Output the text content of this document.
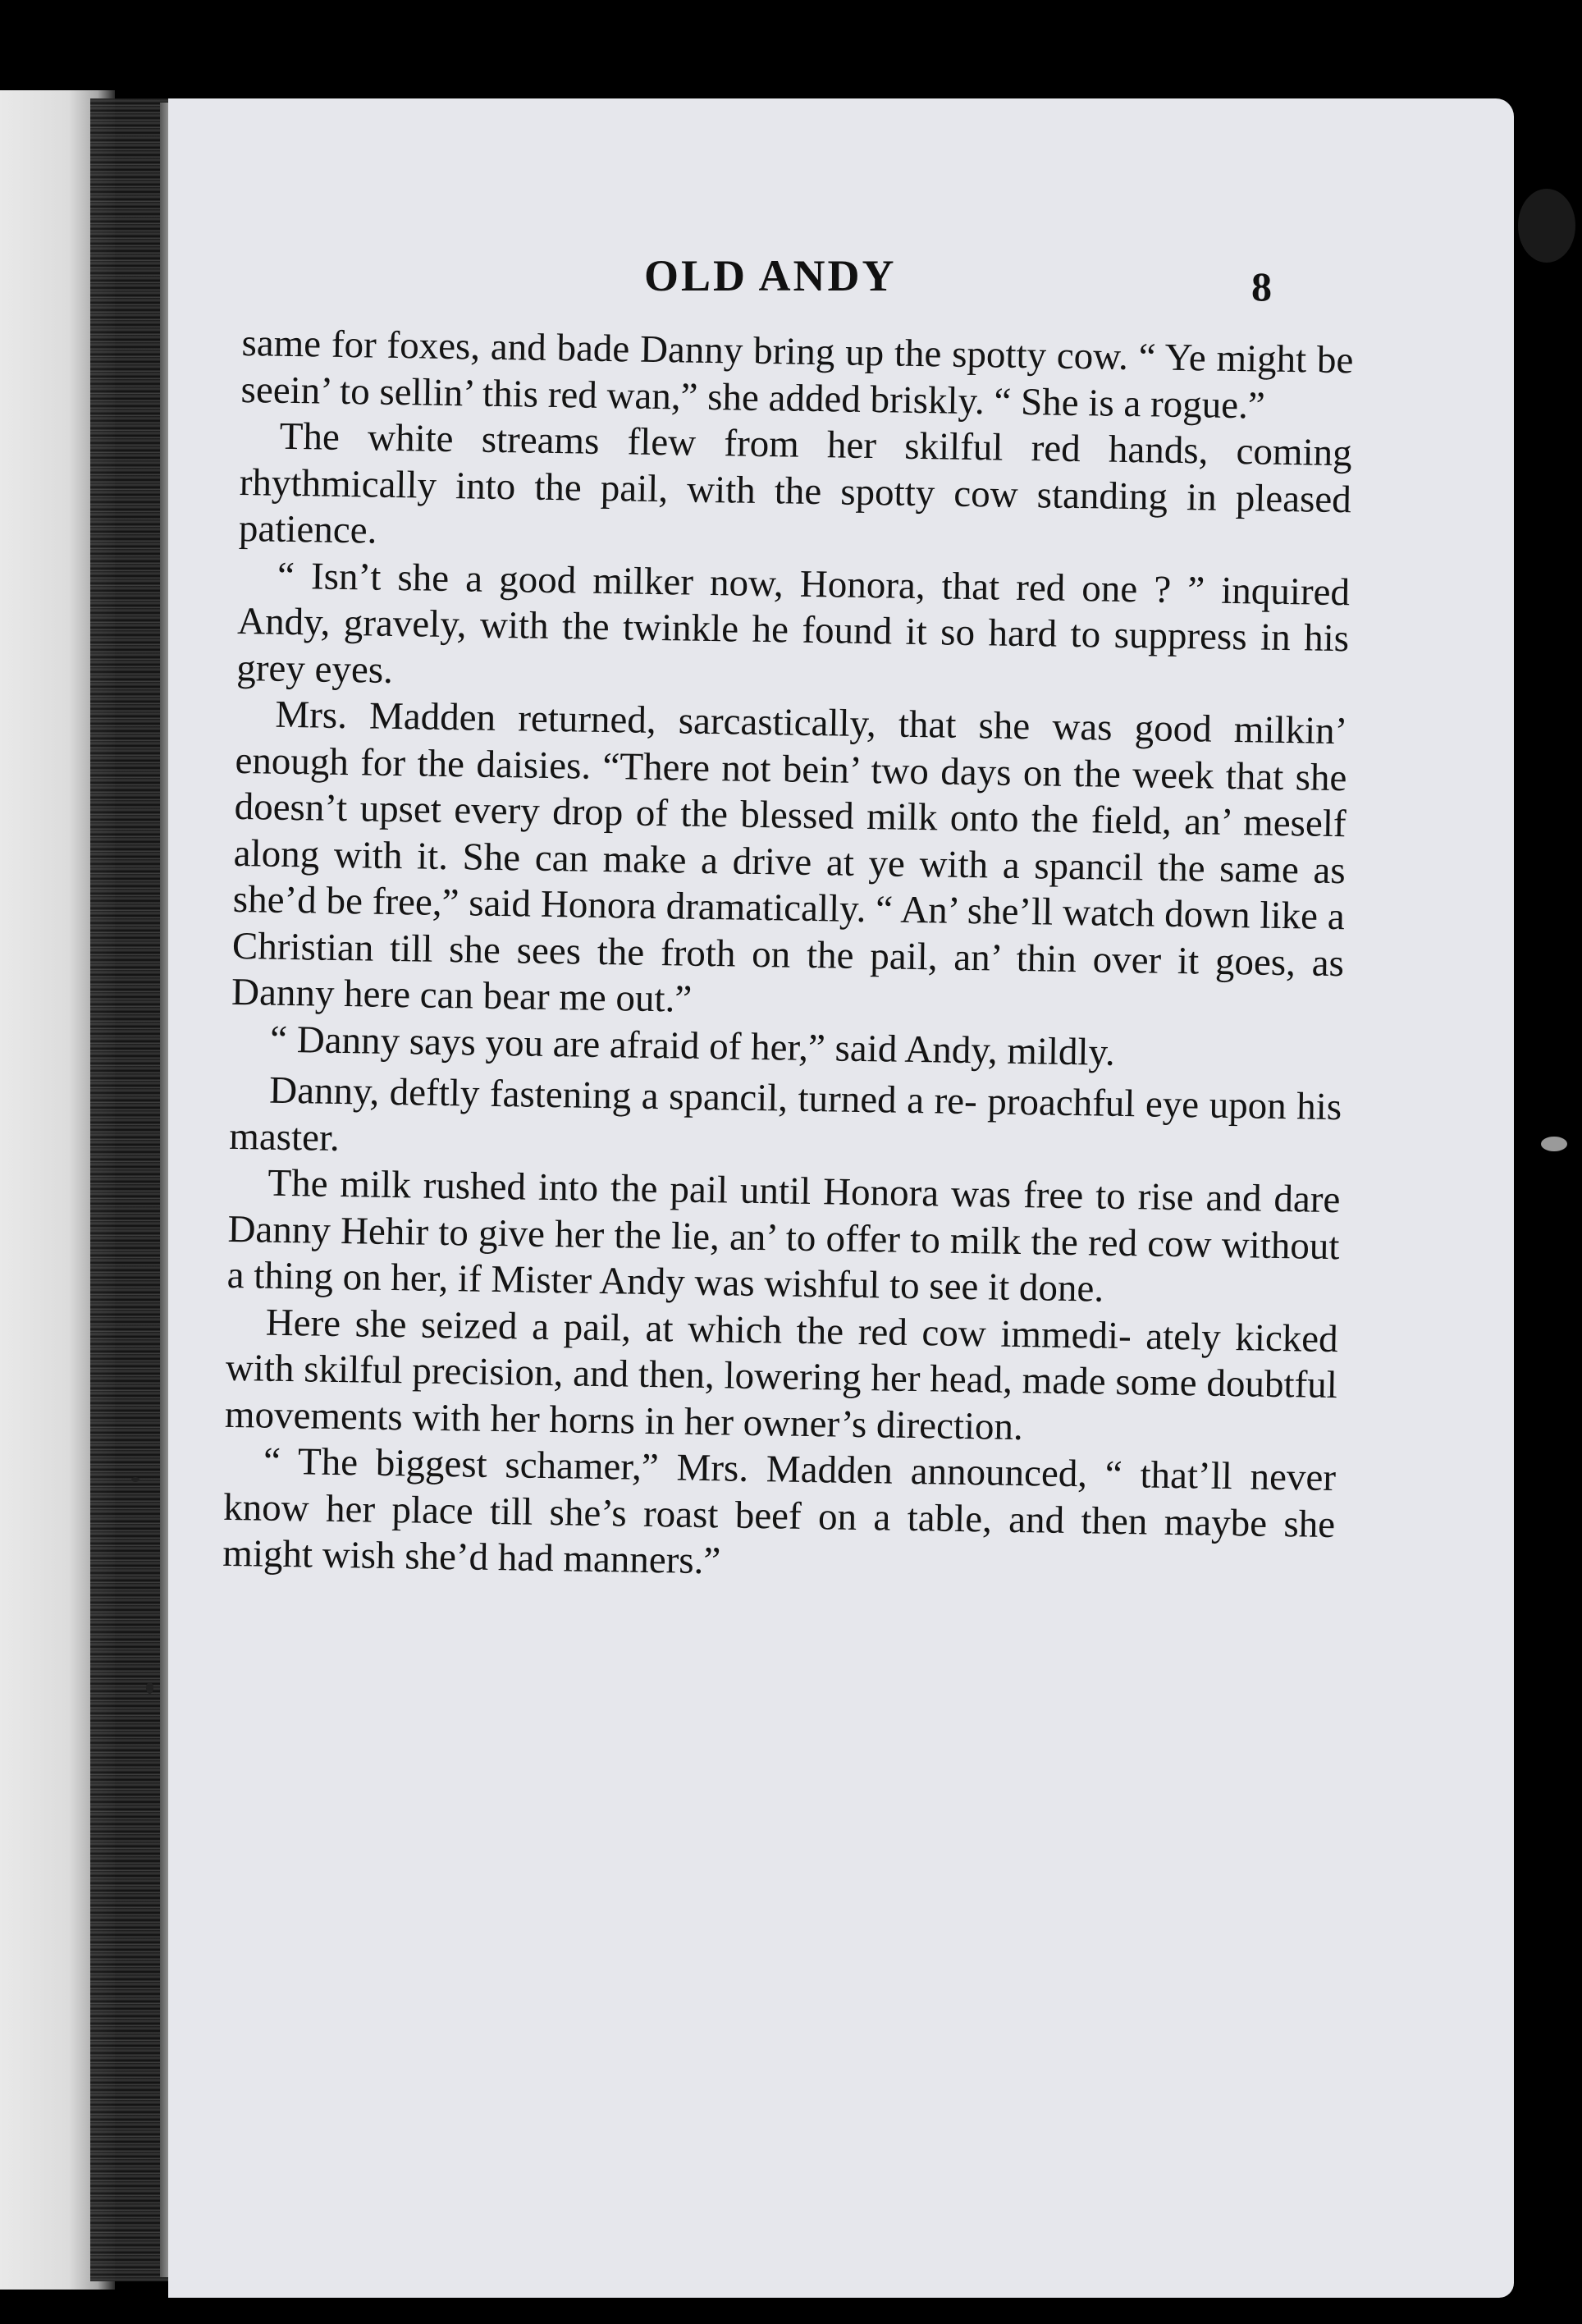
OLD ANDY	8

same for foxes, and bade Danny bring up the spotty cow. “ Ye might be seein’ to sellin’ this red wan,” she added briskly. “ She is a rogue.”

The white streams flew from her skilful red hands, coming rhythmically into the pail, with the spotty cow standing in pleased patience.

“ Isn’t she a good milker now, Honora, that red one ? ” inquired Andy, gravely, with the twinkle he found it so hard to suppress in his grey eyes.

Mrs. Madden returned, sarcastically, that she was good milkin’ enough for the daisies. “There not bein’ two days on the week that she doesn’t upset every drop of the blessed milk onto the field, an’ meself along with it. She can make a drive at ye with a spancil the same as she’d be free,” said Honora dramatically. “ An’ she’ll watch down like a Christian till she sees the froth on the pail, an’ thin over it goes, as Danny here can bear me out.”

“ Danny says you are afraid of her,” said Andy, mildly.

Danny, deftly fastening a spancil, turned a re- proachful eye upon his master.

The milk rushed into the pail until Honora was free to rise and dare Danny Hehir to give her the lie, an’ to offer to milk the red cow without a thing on her, if Mister Andy was wishful to see it done.

Here she seized a pail, at which the red cow immedi- ately kicked with skilful precision, and then, lowering her head, made some doubtful movements with her horns in her owner’s direction.

“ The biggest schamer,” Mrs. Madden announced, “ that’ll never know her place till she’s roast beef on a table, and then maybe she might wish she’d had manners.”
